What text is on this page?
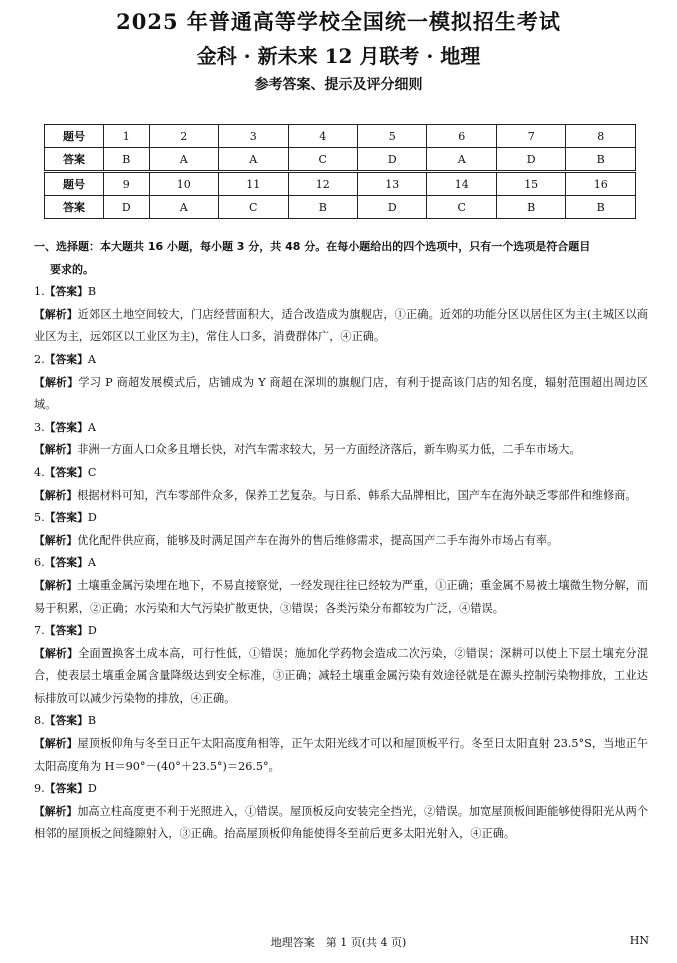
2025 年普通高等学校全国统一模拟招生考试
金科 · 新未来 12 月联考 · 地理
参考答案、提示及评分细则
题号	1	2	3	4	5	6	7	8
答案	B	A	A	C	D	A	D	B
题号	9	10	11	12	13	14	15	16
答案	D	A	C	B	D	C	B	B

一、选择题：本大题共 16 小题，每小题 3 分，共 48 分。在每小题给出的四个选项中，只有一个选项是符合题目

要求的。

1.【答案】B

【解析】近郊区土地空间较大，门店经营面积大，适合改造成为旗舰店，①正确。近郊的功能分区以居住区为主(主城区以商业区为主，远郊区以工业区为主)，常住人口多，消费群体广，④正确。

2.【答案】A

【解析】学习 P 商超发展模式后，店铺成为 Y 商超在深圳的旗舰门店，有利于提高该门店的知名度，辐射范围超出周边区域。

3.【答案】A

【解析】非洲一方面人口众多且增长快，对汽车需求较大，另一方面经济落后，新车购买力低，二手车市场大。

4.【答案】C

【解析】根据材料可知，汽车零部件众多，保养工艺复杂。与日系、韩系大品牌相比，国产车在海外缺乏零部件和维修商。

5.【答案】D

【解析】优化配件供应商，能够及时满足国产车在海外的售后维修需求，提高国产二手车海外市场占有率。

6.【答案】A

【解析】土壤重金属污染埋在地下，不易直接察觉，一经发现往往已经较为严重，①正确；重金属不易被土壤微生物分解，而易于积累，②正确；水污染和大气污染扩散更快，③错误；各类污染分布都较为广泛，④错误。

7.【答案】D

【解析】全面置换客土成本高，可行性低，①错误；施加化学药物会造成二次污染，②错误；深耕可以使上下层土壤充分混合，使表层土壤重金属含量降级达到安全标准，③正确；减轻土壤重金属污染有效途径就是在源头控制污染物排放，工业达标排放可以减少污染物的排放，④正确。

8.【答案】B

【解析】屋顶板仰角与冬至日正午太阳高度角相等，正午太阳光线才可以和屋顶板平行。冬至日太阳直射 23.5°S，当地正午太阳高度角为 H＝90°－(40°＋23.5°)＝26.5°。

9.【答案】D

【解析】加高立柱高度更不利于光照进入，①错误。屋顶板反向安装完全挡光，②错误。加宽屋顶板间距能够使得阳光从两个相邻的屋顶板之间缝隙射入，③正确。抬高屋顶板仰角能使得冬至前后更多太阳光射入，④正确。

地理答案　第 1 页(共 4 页)	HN
